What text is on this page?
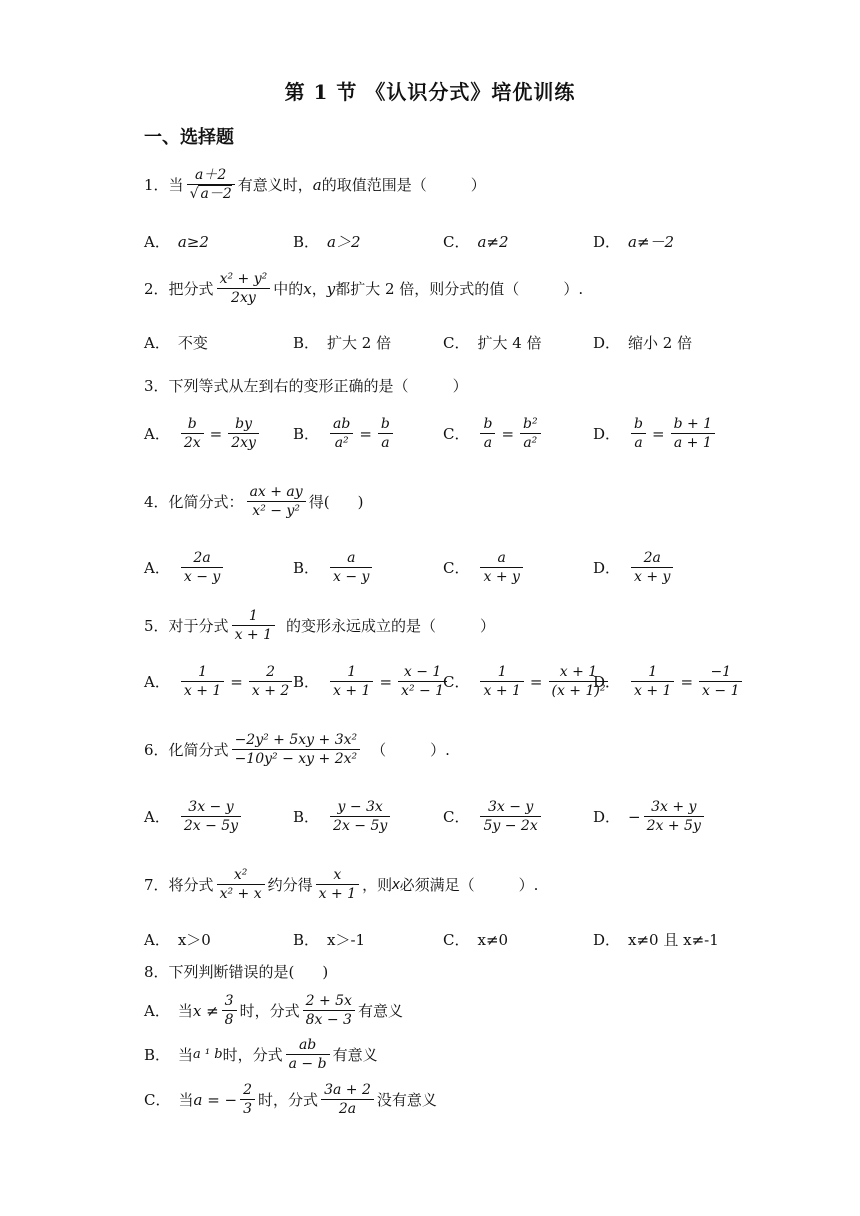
第 1 节 《认识分式》培优训练
一、选择题
1． 当 $\frac{a+2}{√ a-2}$ 有意义时， a 的取值范围是（	）
A． a≥2	B． a＞2	C． a≠2	D． a≠－2
2． 把分式 $\frac{\text{x² + y²}}{2xy}$ 中的 x ， y 都扩大 2 倍，则分式的值（	）.
A． 不变	B． 扩大 2 倍	C． 扩大 4 倍	D． 缩小 2 倍
3． 下列等式从左到右的变形正确的是（	）
A． $\frac{b}{2x} = \frac{by}{2xy}$ B． $\frac{ab}{\text{a²}} = \frac{b}{a}$	C． $\frac{b}{a} = \frac{\text{b²}}{\text{a²}}$	D． $\frac{b}{a} = \frac{b + 1}{a + 1}$
4． 化简分式： $\frac{ax + ay}{\text{x² − y²}}$ 得( )
A． $\frac{2a}{x - y}$	B． $\frac{a}{x - y}$	C． $\frac{a}{x + y}$	D． $\frac{2a}{x + y}$
5． 对于分式 $\frac{1}{x + 1}$ 的变形永远成立的是（	）
A． $\frac{1}{x + 1} = \frac{2}{x + 2}$ B． $\frac{1}{x + 1} = \frac{x - 1}{\text{x² − 1}}$
C． $\frac{1}{x + 1} = \frac{x + 1}{\text{(x + 1)²}}$
D． $\frac{1}{x + 1} = \frac{-1}{x - 1}$
6． 化简分式 $\frac{\text{−2y² + 5xy + 3x²}}{\text{−10y² − xy + 2x²}}$ （	）.
A． $\frac{3x - y}{2x - 5y}$	B． $\frac{y - 3x}{2x - 5y}$	C． $\frac{3x - y}{5y - 2x}$	D． − $\frac{3x + y}{2x + 5y}$
7． 将分式 $\frac{\text{x²}}{\text{x² + x}}$ 约分得 $\frac{x}{x + 1}$ ，则 x 必须满足（	）.
A． x＞0	B． x＞-1	C． x≠0	D． x≠0 且 x≠-1
8． 下列判断错误的是( )
A． 当 $x \ne \frac{3}{8}$ 时，分式 $\frac{2 + 5x}{8x - 3}$ 有意义
B． 当 a ¹ b 时，分式 $\frac{ab}{a - b}$ 有意义
C． 当 a = − $\frac{2}{3}$ 时，分式 $\frac{3a + 2}{2a}$ 没有意义
